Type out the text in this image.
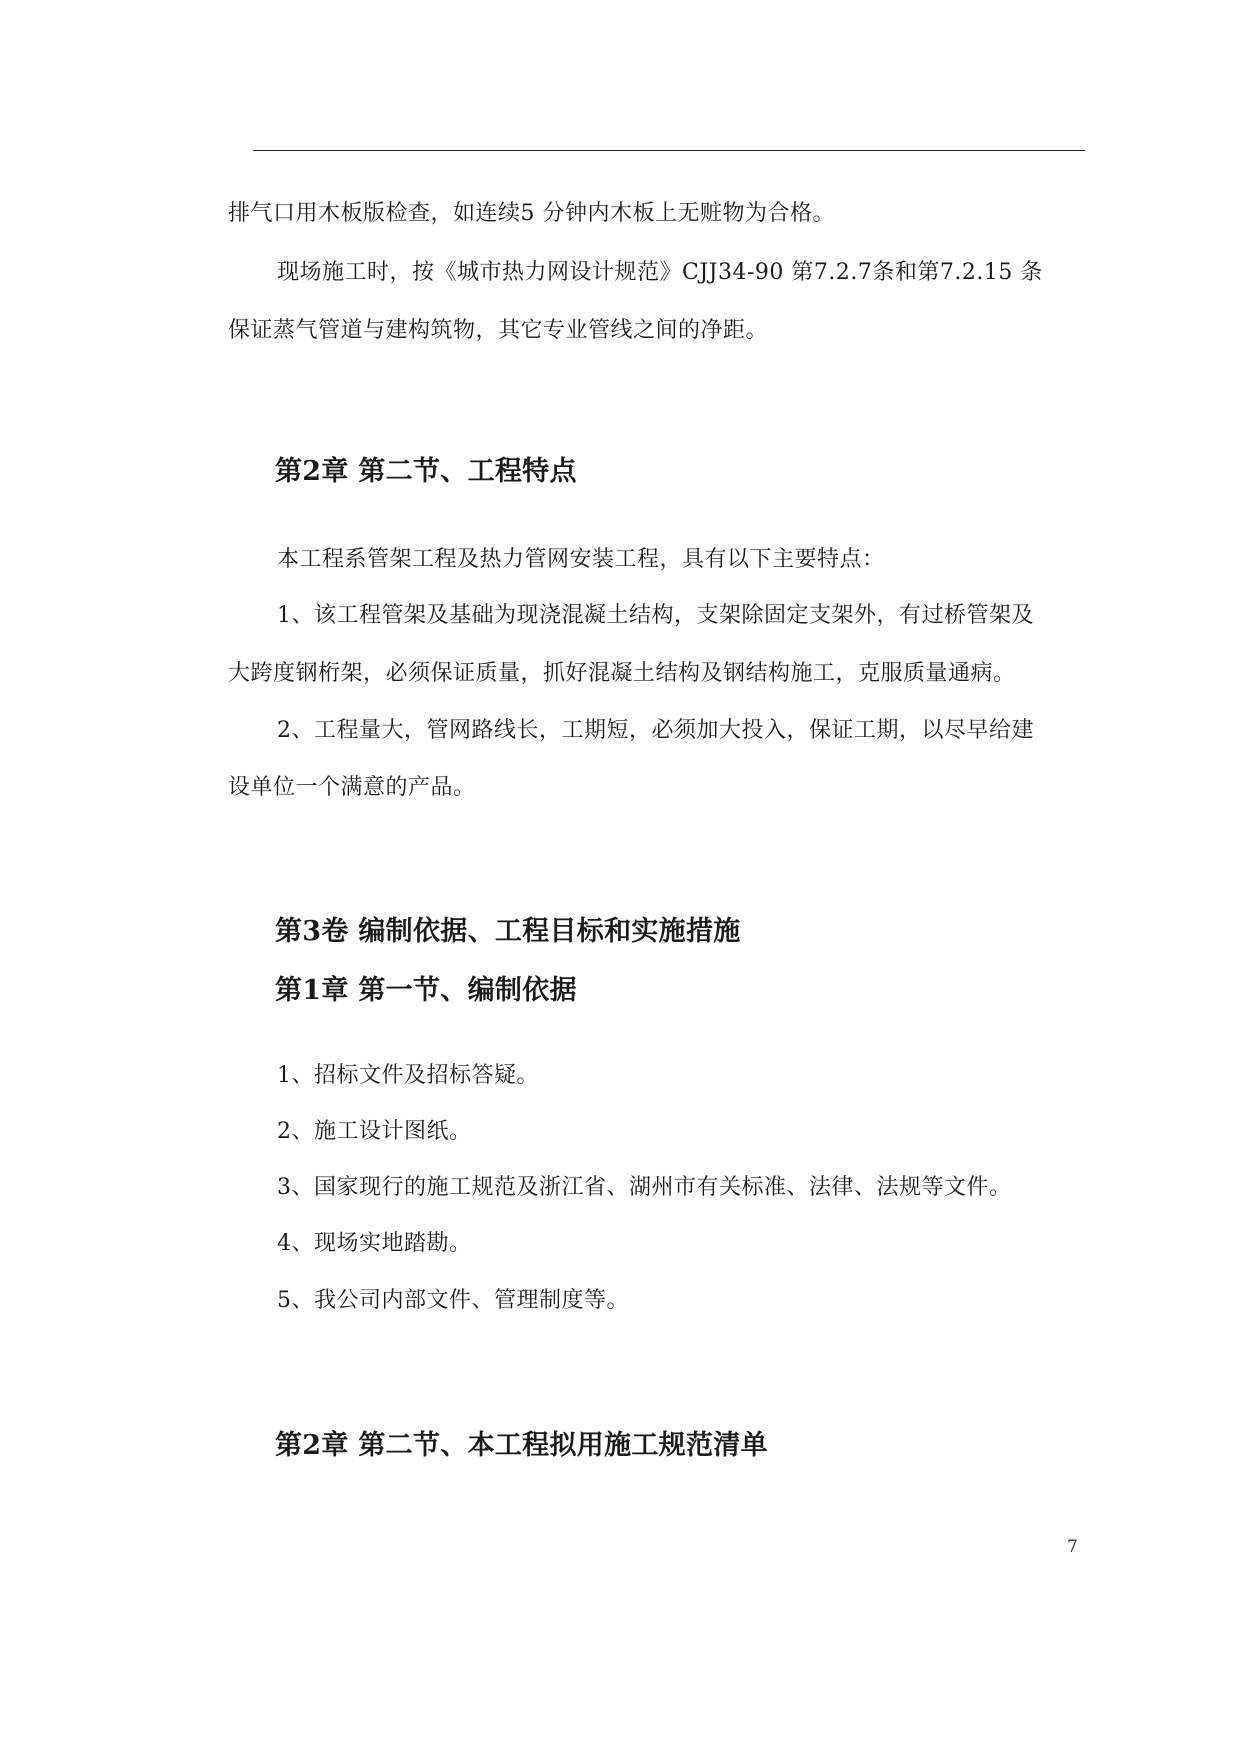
排气口用木板版检查，如连续5 分钟内木板上无赃物为合格。

现场施工时，按《城市热力网设计规范》CJJ34-90 第7.2.7条和第7.2.15 条

保证蒸气管道与建构筑物，其它专业管线之间的净距。

第2章 第二节、工程特点

本工程系管架工程及热力管网安装工程，具有以下主要特点：

1、该工程管架及基础为现浇混凝土结构，支架除固定支架外，有过桥管架及

大跨度钢桁架，必须保证质量，抓好混凝土结构及钢结构施工，克服质量通病。

2、工程量大，管网路线长，工期短，必须加大投入，保证工期，以尽早给建

设单位一个满意的产品。

第3卷 编制依据、工程目标和实施措施
第1章 第一节、编制依据

1、招标文件及招标答疑。

2、施工设计图纸。

3、国家现行的施工规范及浙江省、湖州市有关标准、法律、法规等文件。

4、现场实地踏勘。

5、我公司内部文件、管理制度等。

第2章 第二节、本工程拟用施工规范清单
7
